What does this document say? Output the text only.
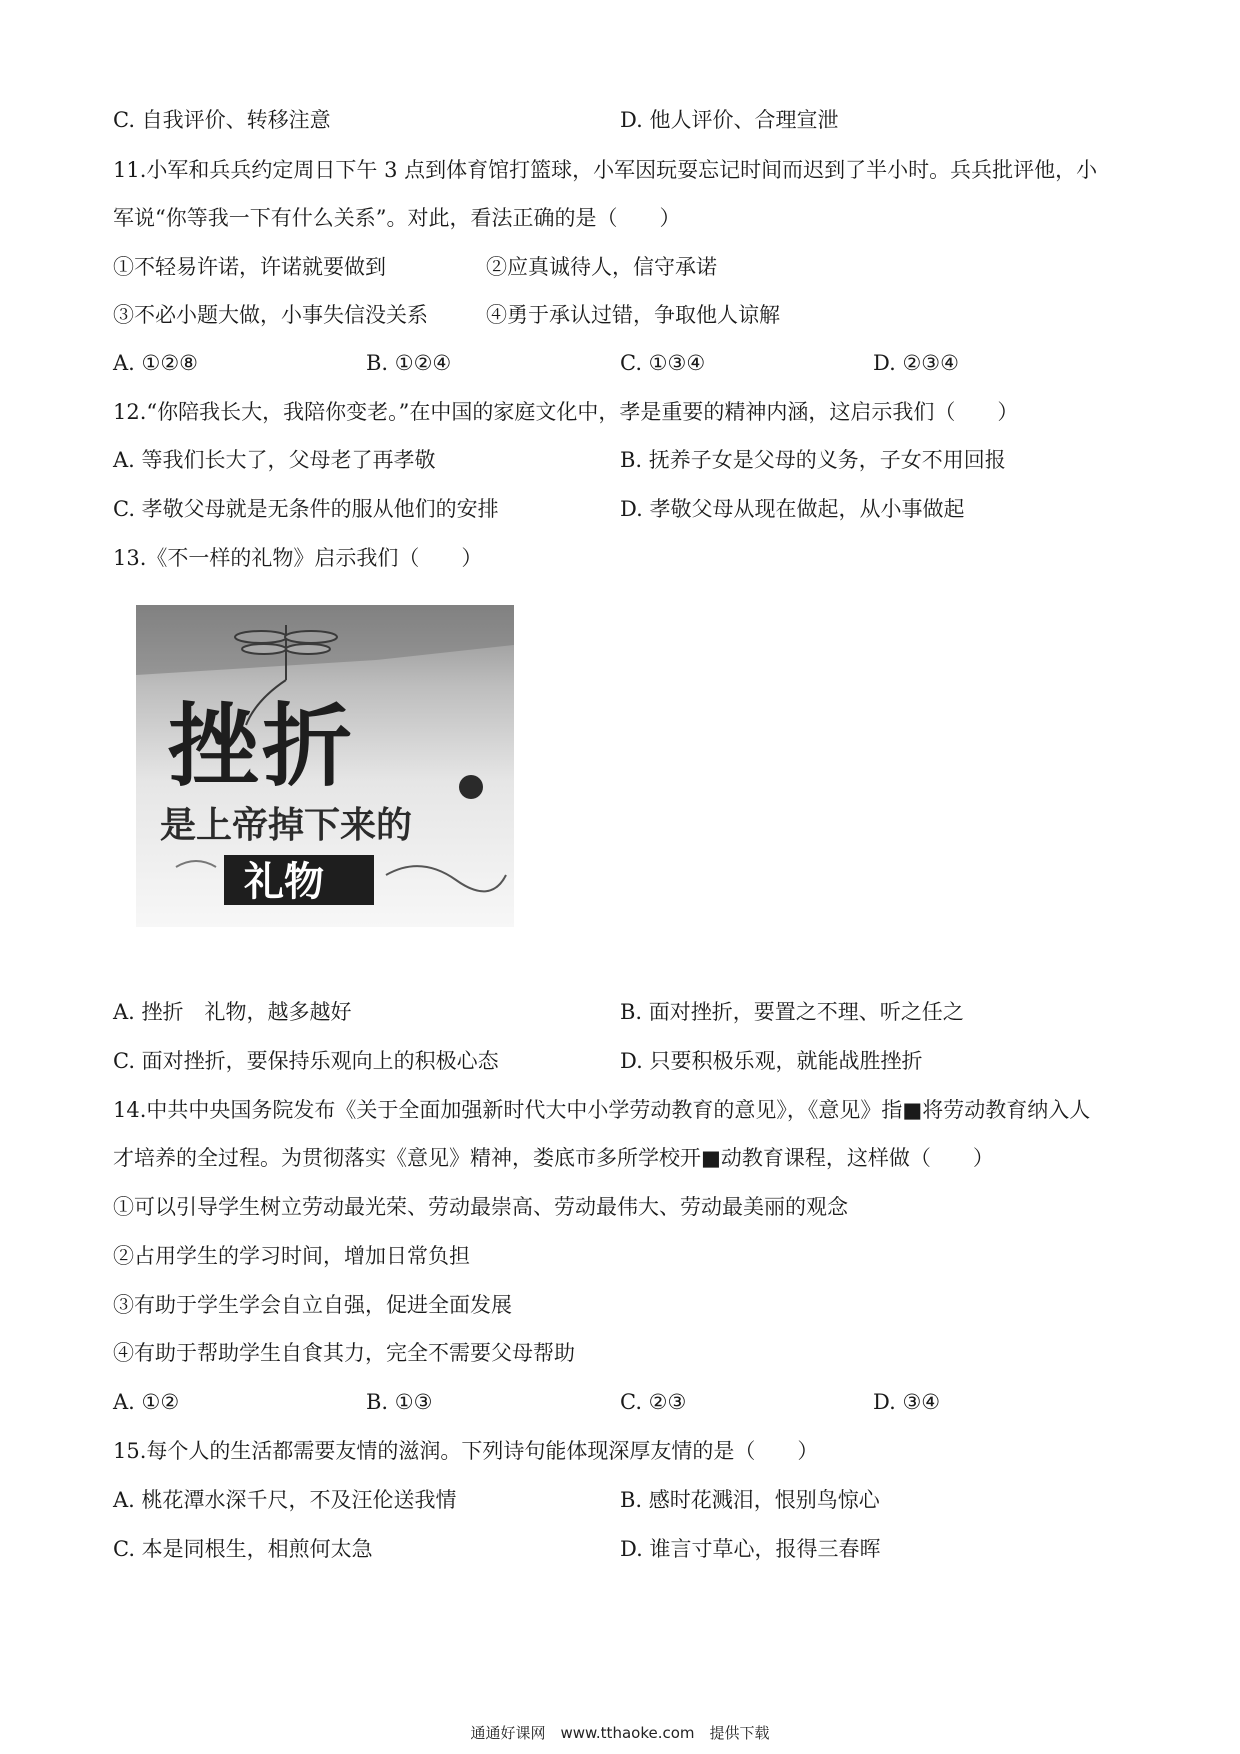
C. 自我评价、转移注意	D. 他人评价、合理宣泄
11.小军和兵兵约定周日下午 3 点到体育馆打篮球，小军因玩耍忘记时间而迟到了半小时。兵兵批评他，小
军说“你等我一下有什么关系”。对此，看法正确的是（　　）
①不轻易许诺，许诺就要做到	②应真诚待人，信守承诺
③不必小题大做，小事失信没关系	④勇于承认过错，争取他人谅解
A. ①②⑧	B. ①②④	C. ①③④	D. ②③④
12.“你陪我长大，我陪你变老。”在中国的家庭文化中，孝是重要的精神内涵，这启示我们（　　）
A. 等我们长大了，父母老了再孝敬	B. 抚养子女是父母的义务，子女不用回报
C. 孝敬父母就是无条件的服从他们的安排	D. 孝敬父母从现在做起，从小事做起
13.《不一样的礼物》启示我们（　　）
挫折
是上帝掉下来的
礼物
A. 挫折　礼物，越多越好	B. 面对挫折，要置之不理、听之任之
C. 面对挫折，要保持乐观向上的积极心态	D. 只要积极乐观，就能战胜挫折
14.中共中央国务院发布《关于全面加强新时代大中小学劳动教育的意见》，《意见》指■将劳动教育纳入人
才培养的全过程。为贯彻落实《意见》精神，娄底市多所学校开■动教育课程，这样做（　　）
①可以引导学生树立劳动最光荣、劳动最崇高、劳动最伟大、劳动最美丽的观念
②占用学生的学习时间，增加日常负担
③有助于学生学会自立自强，促进全面发展
④有助于帮助学生自食其力，完全不需要父母帮助
A. ①②	B. ①③	C. ②③	D. ③④
15.每个人的生活都需要友情的滋润。下列诗句能体现深厚友情的是（　　）
A. 桃花潭水深千尺，不及汪伦送我情	B. 感时花溅泪，恨别鸟惊心
C. 本是同根生，相煎何太急	D. 谁言寸草心，报得三春晖
通通好课网　www.tthaoke.com　提供下载
